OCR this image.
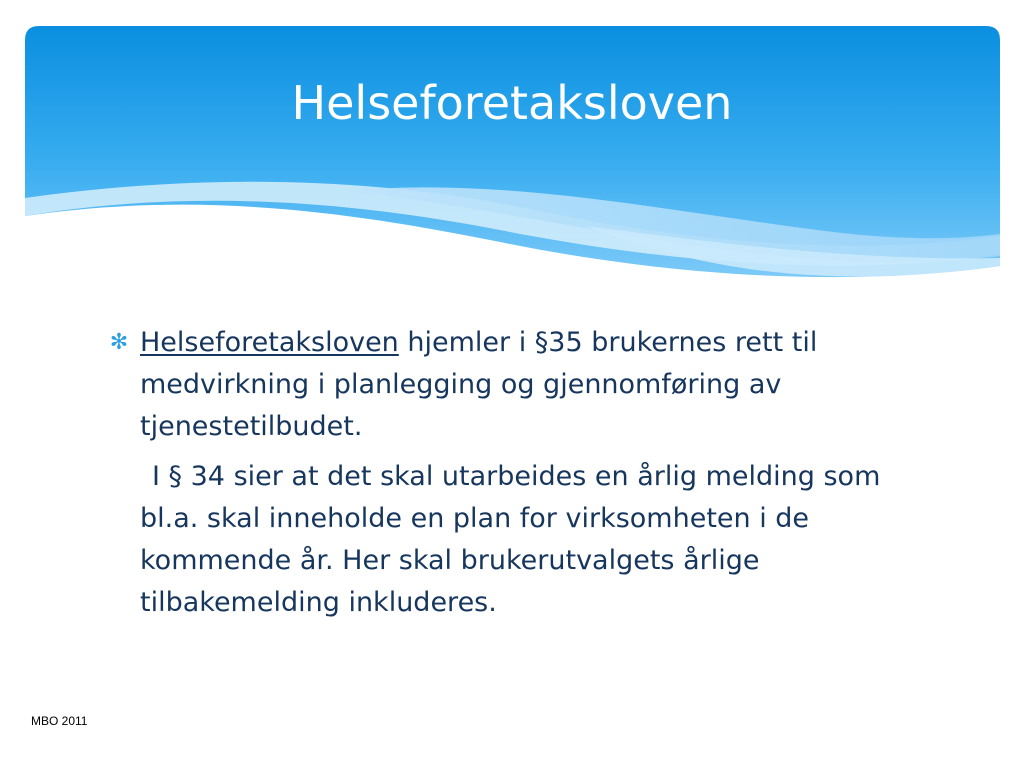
Helseforetaksloven
✻ Helseforetaksloven hjemler i §35 brukernes rett til medvirkning i planlegging og gjennomføring av tjenestetilbudet.
I § 34 sier at det skal utarbeides en årlig melding som bl.a. skal inneholde en plan for virksomheten i de kommende år. Her skal brukerutvalgets årlige tilbakemelding inkluderes.
MBO 2011
